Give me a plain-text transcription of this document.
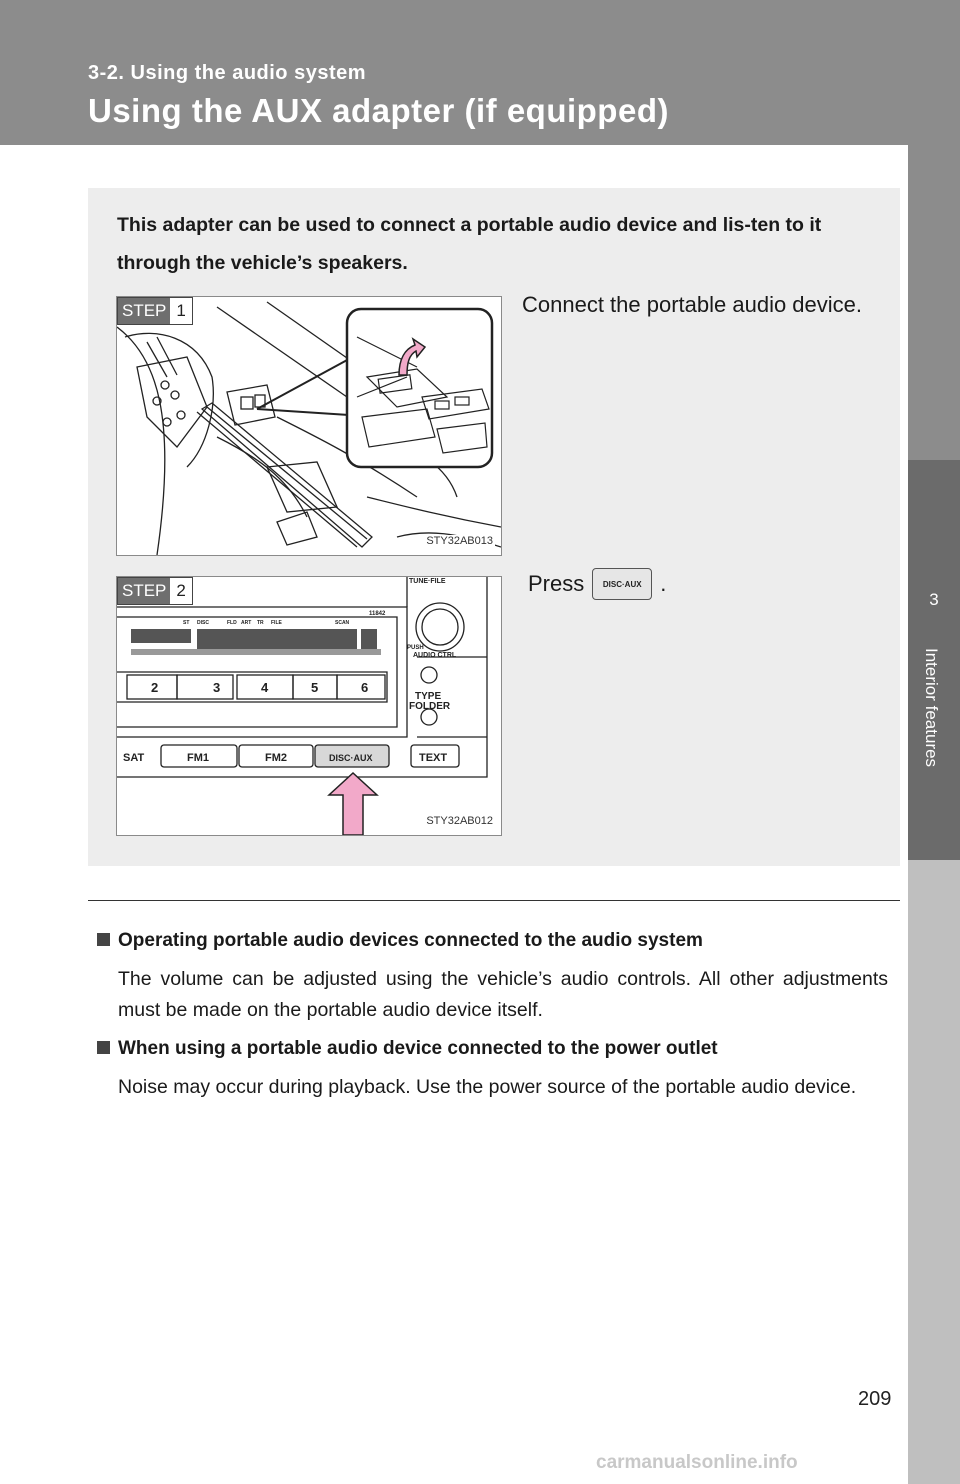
3-2. Using the audio system
Using the AUX adapter (if equipped)
3
Interior features
This adapter can be used to connect a portable audio device and lis-ten to it through the vehicle’s speakers.
STEP 1
STY32AB013
Connect the portable audio device.
2	3	4	5	6
SAT	FM1	FM2	DISC·AUX	TEXT
TYPE
FOLDER
AUDIO CTRL
PUSH
11842
TUNE·FILE
ST DISC	FLD ART TR FILE	SCAN
STEP 2
STY32AB012
Press	DISC·AUX .
Operating portable audio devices connected to the audio system
The volume can be adjusted using the vehicle’s audio controls. All other adjustments must be made on the portable audio device itself.
When using a portable audio device connected to the power outlet
Noise may occur during playback. Use the power source of the portable audio device.
209
carmanualsonline.info
